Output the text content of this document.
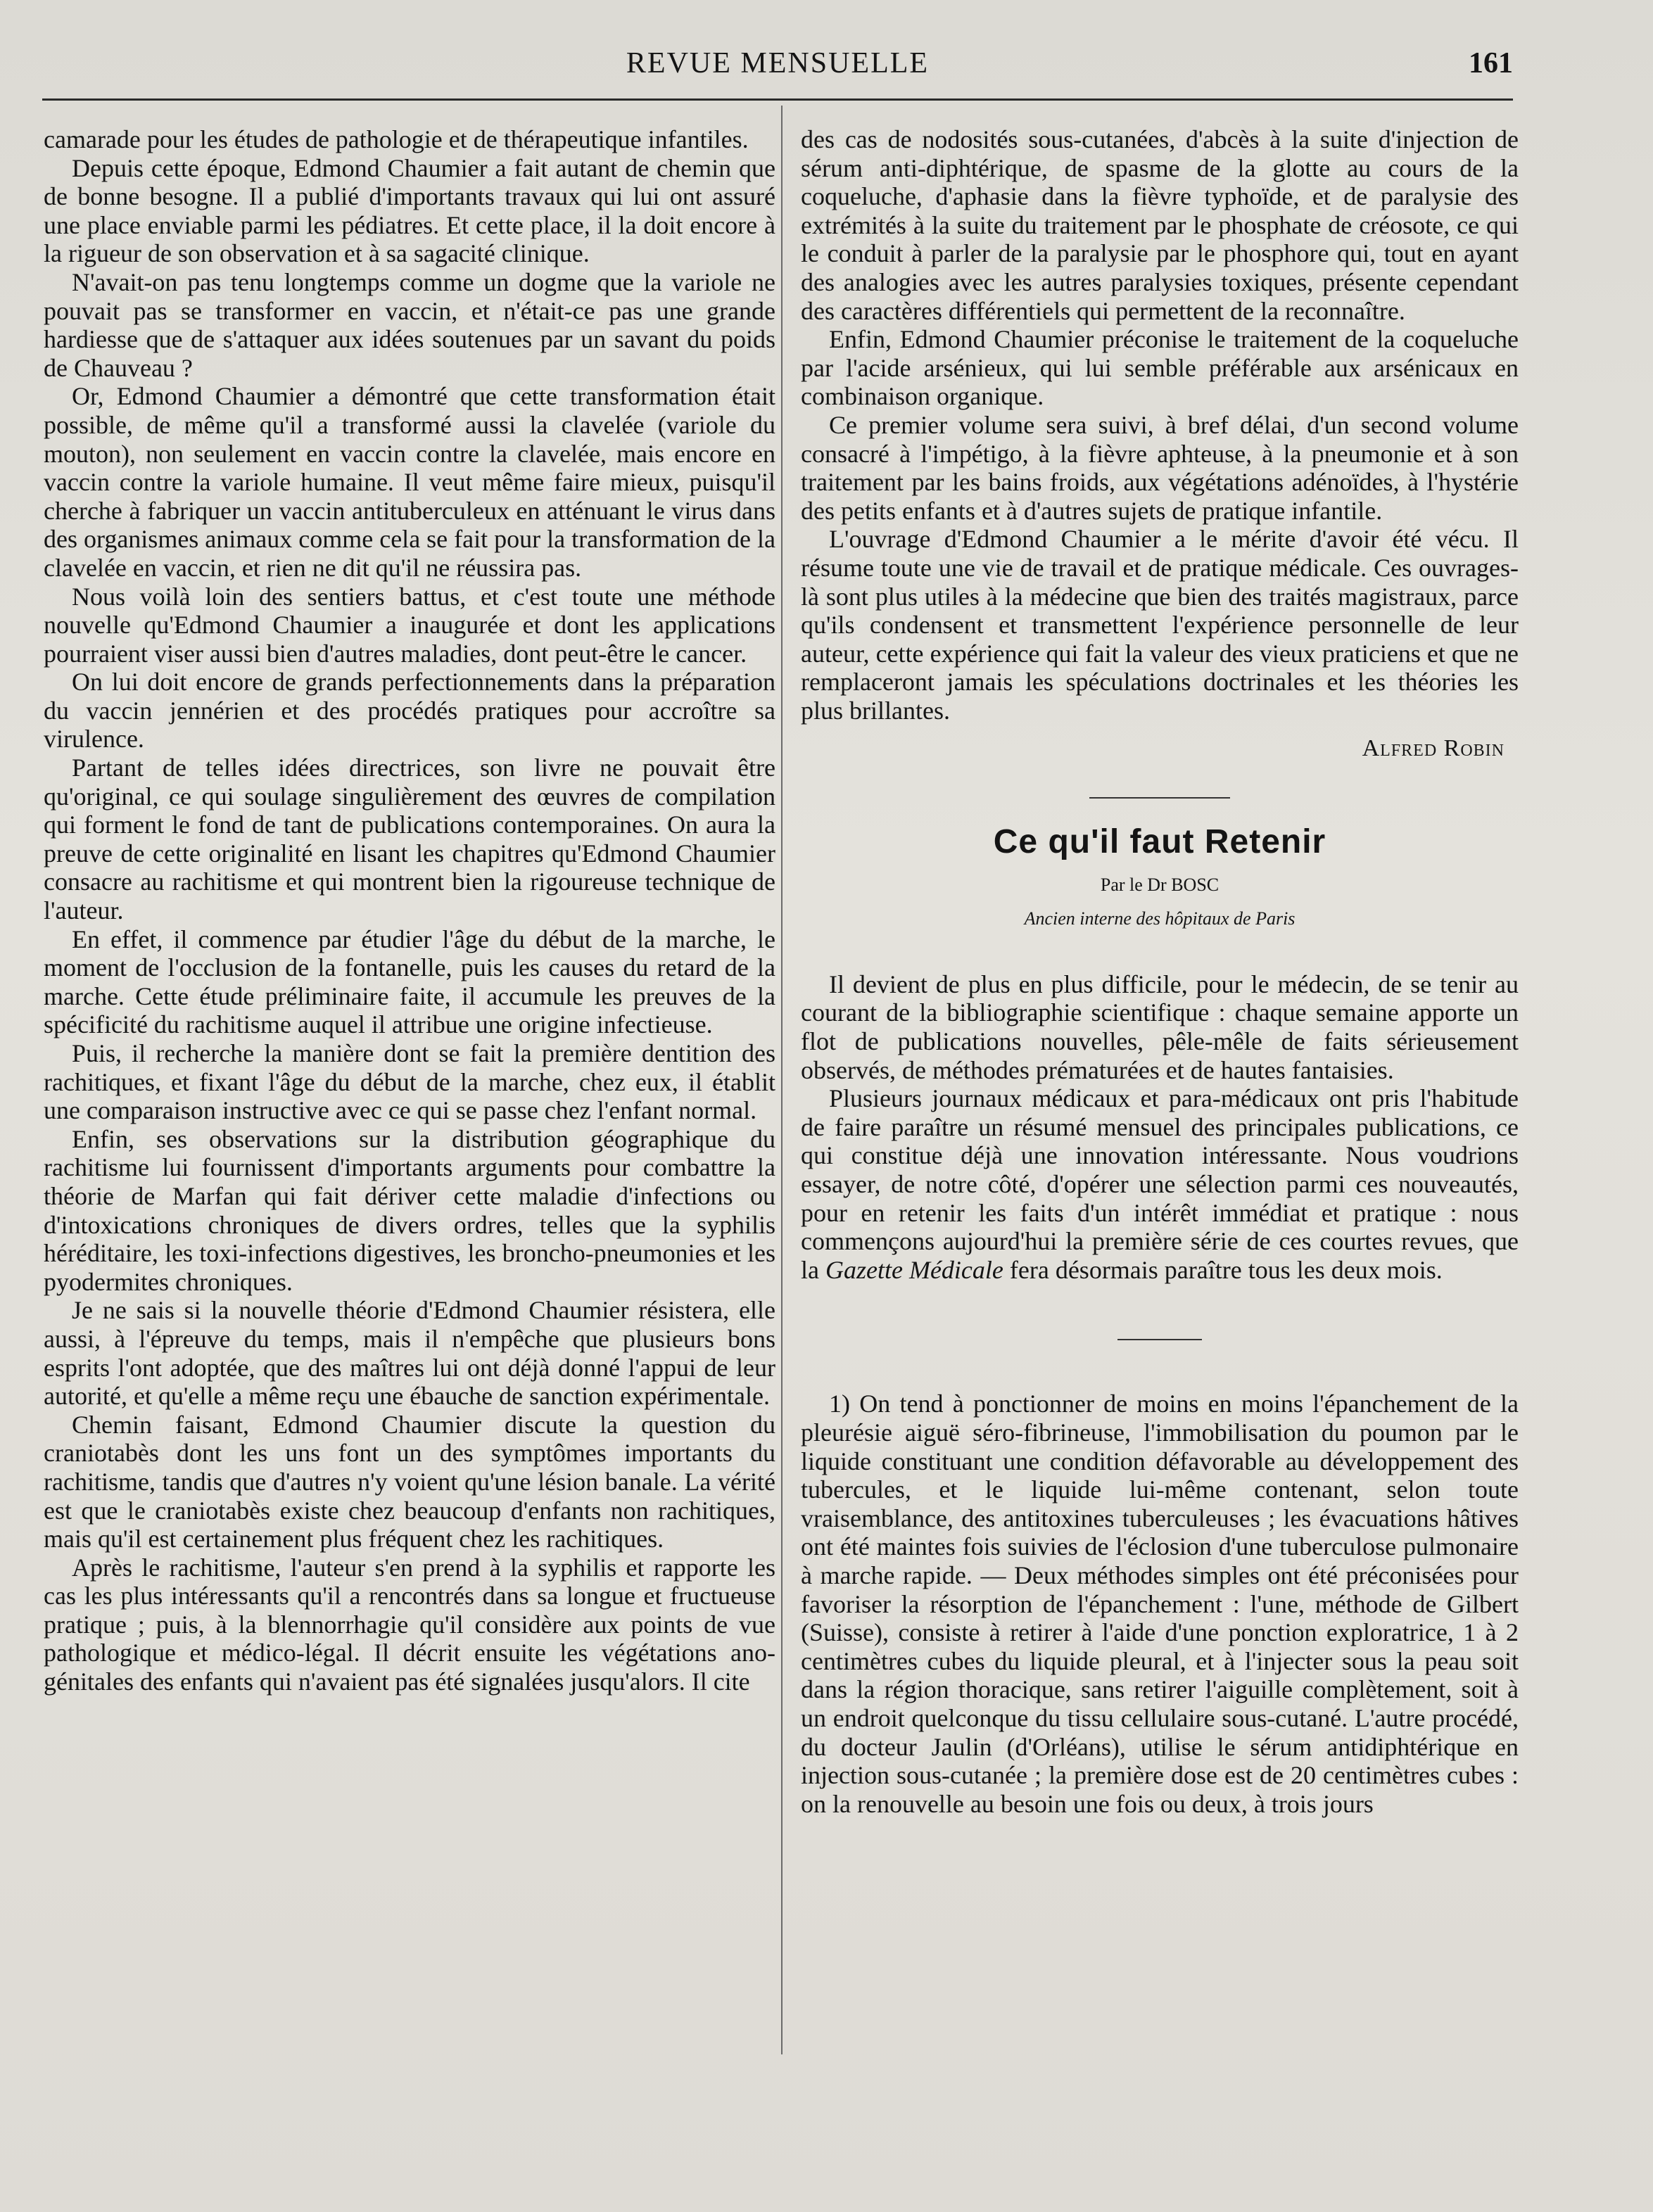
REVUE MENSUELLE	161

camarade pour les études de pathologie et de thérapeutique infantiles.

Depuis cette époque, Edmond Chaumier a fait autant de chemin que de bonne besogne. Il a publié d'importants travaux qui lui ont assuré une place enviable parmi les pédiatres. Et cette place, il la doit encore à la rigueur de son observation et à sa sagacité clinique.

N'avait-on pas tenu longtemps comme un dogme que la variole ne pouvait pas se transformer en vaccin, et n'était-ce pas une grande hardiesse que de s'attaquer aux idées soutenues par un savant du poids de Chauveau ?

Or, Edmond Chaumier a démontré que cette transformation était possible, de même qu'il a transformé aussi la clavelée (variole du mouton), non seulement en vaccin contre la clavelée, mais encore en vaccin contre la variole humaine. Il veut même faire mieux, puisqu'il cherche à fabriquer un vaccin antituberculeux en atténuant le virus dans des organismes animaux comme cela se fait pour la transformation de la clavelée en vaccin, et rien ne dit qu'il ne réussira pas.

Nous voilà loin des sentiers battus, et c'est toute une méthode nouvelle qu'Edmond Chaumier a inaugurée et dont les applications pourraient viser aussi bien d'autres maladies, dont peut-être le cancer.

On lui doit encore de grands perfectionnements dans la préparation du vaccin jennérien et des procédés pratiques pour accroître sa virulence.

Partant de telles idées directrices, son livre ne pouvait être qu'original, ce qui soulage singulièrement des œuvres de compilation qui forment le fond de tant de publications contemporaines. On aura la preuve de cette originalité en lisant les chapitres qu'Edmond Chaumier consacre au rachitisme et qui montrent bien la rigoureuse technique de l'auteur.

En effet, il commence par étudier l'âge du début de la marche, le moment de l'occlusion de la fontanelle, puis les causes du retard de la marche. Cette étude préliminaire faite, il accumule les preuves de la spécificité du rachitisme auquel il attribue une origine infectieuse.

Puis, il recherche la manière dont se fait la première dentition des rachitiques, et fixant l'âge du début de la marche, chez eux, il établit une comparaison instructive avec ce qui se passe chez l'enfant normal.

Enfin, ses observations sur la distribution géographique du rachitisme lui fournissent d'importants arguments pour combattre la théorie de Marfan qui fait dériver cette maladie d'infections ou d'intoxications chroniques de divers ordres, telles que la syphilis héréditaire, les toxi-infections digestives, les broncho-pneumonies et les pyodermites chroniques.

Je ne sais si la nouvelle théorie d'Edmond Chaumier résistera, elle aussi, à l'épreuve du temps, mais il n'empêche que plusieurs bons esprits l'ont adoptée, que des maîtres lui ont déjà donné l'appui de leur autorité, et qu'elle a même reçu une ébauche de sanction expérimentale.

Chemin faisant, Edmond Chaumier discute la question du craniotabès dont les uns font un des symptômes importants du rachitisme, tandis que d'autres n'y voient qu'une lésion banale. La vérité est que le craniotabès existe chez beaucoup d'enfants non rachitiques, mais qu'il est certainement plus fréquent chez les rachitiques.

Après le rachitisme, l'auteur s'en prend à la syphilis et rapporte les cas les plus intéressants qu'il a rencontrés dans sa longue et fructueuse pratique ; puis, à la blennorrhagie qu'il considère aux points de vue pathologique et médico-légal. Il décrit ensuite les végétations ano-génitales des enfants qui n'avaient pas été signalées jusqu'alors. Il cite

des cas de nodosités sous-cutanées, d'abcès à la suite d'injection de sérum anti-diphtérique, de spasme de la glotte au cours de la coqueluche, d'aphasie dans la fièvre typhoïde, et de paralysie des extrémités à la suite du traitement par le phosphate de créosote, ce qui le conduit à parler de la paralysie par le phosphore qui, tout en ayant des analogies avec les autres paralysies toxiques, présente cependant des caractères différentiels qui permettent de la reconnaître.

Enfin, Edmond Chaumier préconise le traitement de la coqueluche par l'acide arsénieux, qui lui semble préférable aux arsénicaux en combinaison organique.

Ce premier volume sera suivi, à bref délai, d'un second volume consacré à l'impétigo, à la fièvre aphteuse, à la pneumonie et à son traitement par les bains froids, aux végétations adénoïdes, à l'hystérie des petits enfants et à d'autres sujets de pratique infantile.

L'ouvrage d'Edmond Chaumier a le mérite d'avoir été vécu. Il résume toute une vie de travail et de pratique médicale. Ces ouvrages-là sont plus utiles à la médecine que bien des traités magistraux, parce qu'ils condensent et transmettent l'expérience personnelle de leur auteur, cette expérience qui fait la valeur des vieux praticiens et que ne remplaceront jamais les spéculations doctrinales et les théories les plus brillantes.

Alfred Robin
Ce qu'il faut Retenir
Par le Dr BOSC
Ancien interne des hôpitaux de Paris

Il devient de plus en plus difficile, pour le médecin, de se tenir au courant de la bibliographie scientifique : chaque semaine apporte un flot de publications nouvelles, pêle-mêle de faits sérieusement observés, de méthodes prématurées et de hautes fantaisies.

Plusieurs journaux médicaux et para-médicaux ont pris l'habitude de faire paraître un résumé mensuel des principales publications, ce qui constitue déjà une innovation intéressante. Nous voudrions essayer, de notre côté, d'opérer une sélection parmi ces nouveautés, pour en retenir les faits d'un intérêt immédiat et pratique : nous commençons aujourd'hui la première série de ces courtes revues, que la Gazette Médicale fera désormais paraître tous les deux mois.

1) On tend à ponctionner de moins en moins l'épanchement de la pleurésie aiguë séro-fibrineuse, l'immobilisation du poumon par le liquide constituant une condition défavorable au développement des tubercules, et le liquide lui-même contenant, selon toute vraisemblance, des antitoxines tuberculeuses ; les évacuations hâtives ont été maintes fois suivies de l'éclosion d'une tuberculose pulmonaire à marche rapide. — Deux méthodes simples ont été préconisées pour favoriser la résorption de l'épanchement : l'une, méthode de Gilbert (Suisse), consiste à retirer à l'aide d'une ponction exploratrice, 1 à 2 centimètres cubes du liquide pleural, et à l'injecter sous la peau soit dans la région thoracique, sans retirer l'aiguille complètement, soit à un endroit quelconque du tissu cellulaire sous-cutané. L'autre procédé, du docteur Jaulin (d'Orléans), utilise le sérum antidiphtérique en injection sous-cutanée ; la première dose est de 20 centimètres cubes : on la renouvelle au besoin une fois ou deux, à trois jours
